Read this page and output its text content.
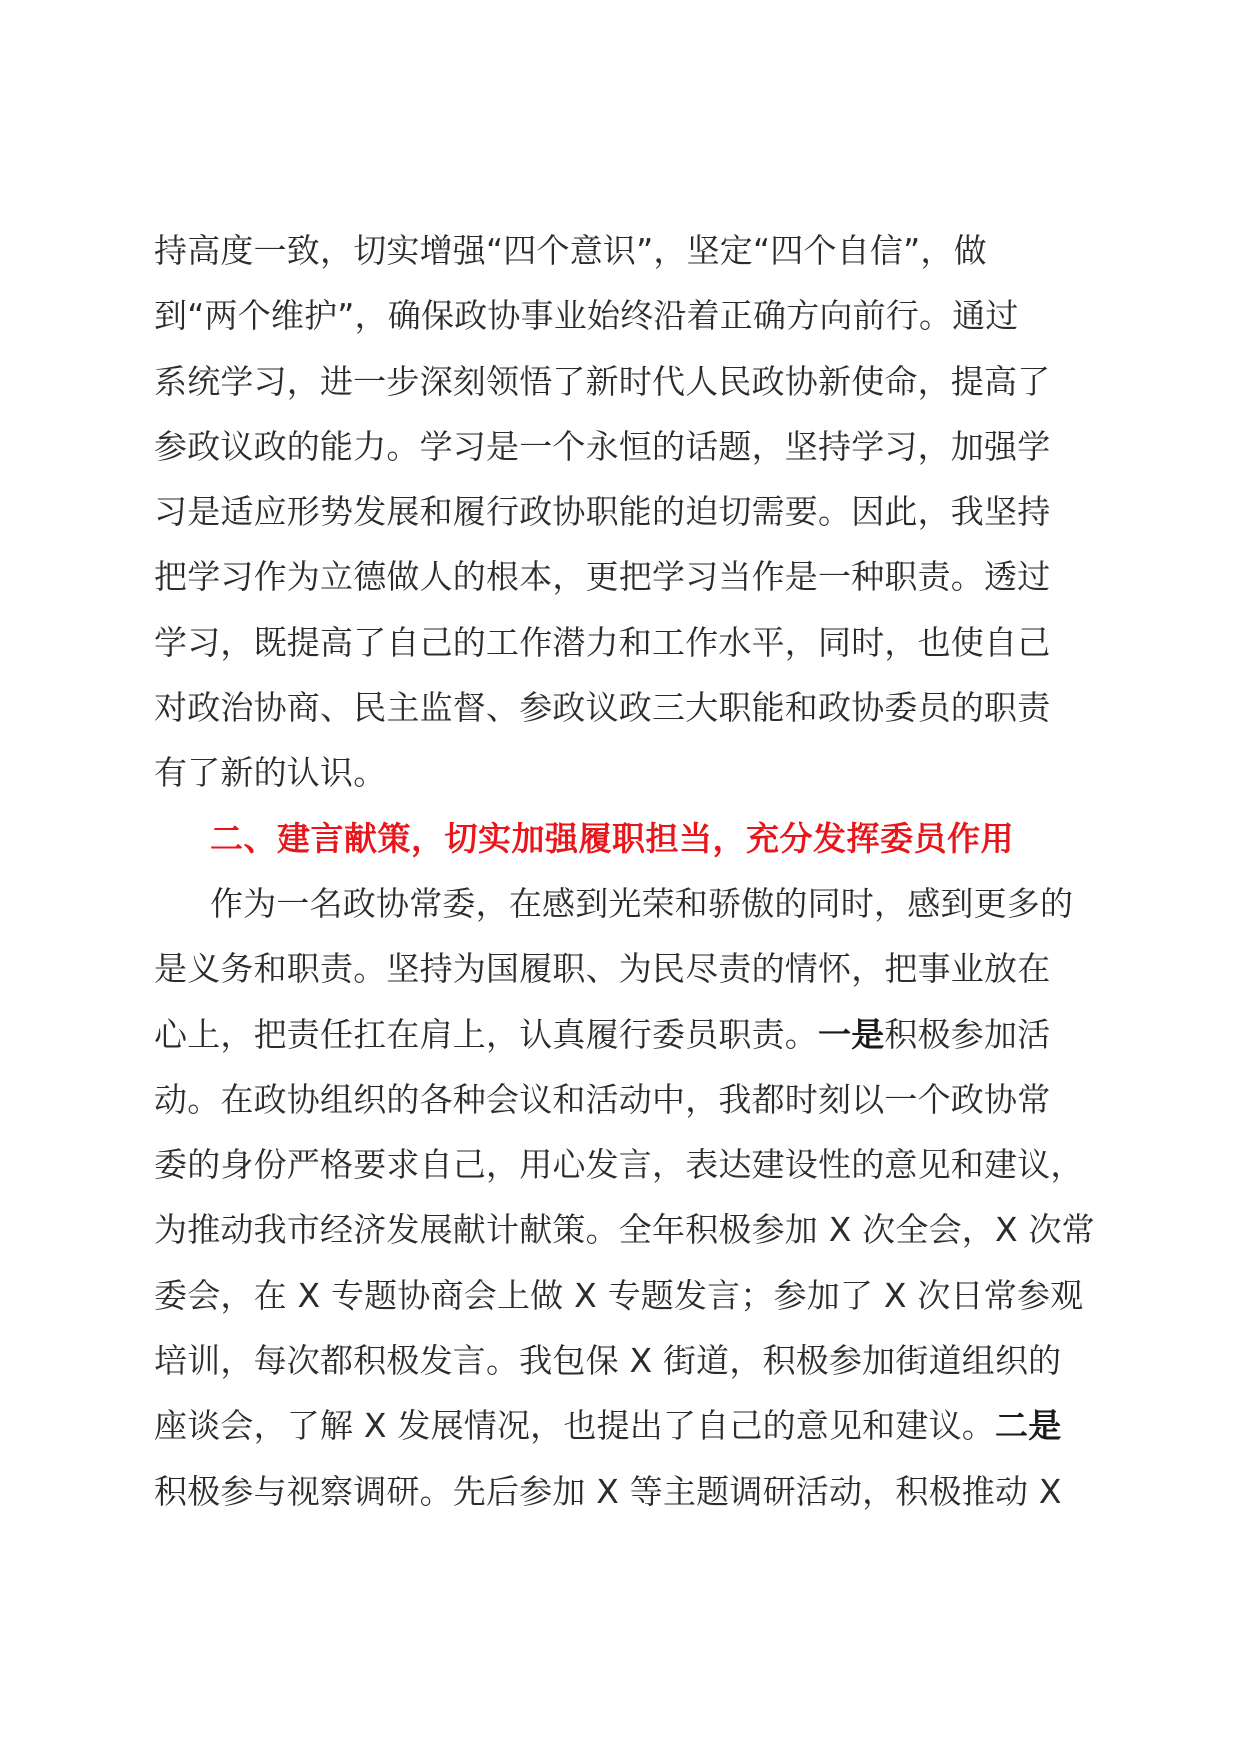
持高度一致，切实增强“四个意识”，坚定“四个自信”，做
到“两个维护”，确保政协事业始终沿着正确方向前行。通过
系统学习，进一步深刻领悟了新时代人民政协新使命，提高了
参政议政的能力。学习是一个永恒的话题，坚持学习，加强学
习是适应形势发展和履行政协职能的迫切需要。因此，我坚持
把学习作为立德做人的根本，更把学习当作是一种职责。透过
学习，既提高了自己的工作潜力和工作水平，同时，也使自己
对政治协商、民主监督、参政议政三大职能和政协委员的职责
有了新的认识。
二、建言献策，切实加强履职担当，充分发挥委员作用
作为一名政协常委，在感到光荣和骄傲的同时，感到更多的
是义务和职责。坚持为国履职、为民尽责的情怀，把事业放在
心上，把责任扛在肩上，认真履行委员职责。一是积极参加活
动。在政协组织的各种会议和活动中，我都时刻以一个政协常
委的身份严格要求自己，用心发言，表达建设性的意见和建议，
为推动我市经济发展献计献策。全年积极参加 X 次全会，X 次常
委会，在 X 专题协商会上做 X 专题发言；参加了 X 次日常参观
培训，每次都积极发言。我包保 X 街道，积极参加街道组织的
座谈会，了解 X 发展情况，也提出了自己的意见和建议。二是
积极参与视察调研。先后参加 X 等主题调研活动，积极推动 X
